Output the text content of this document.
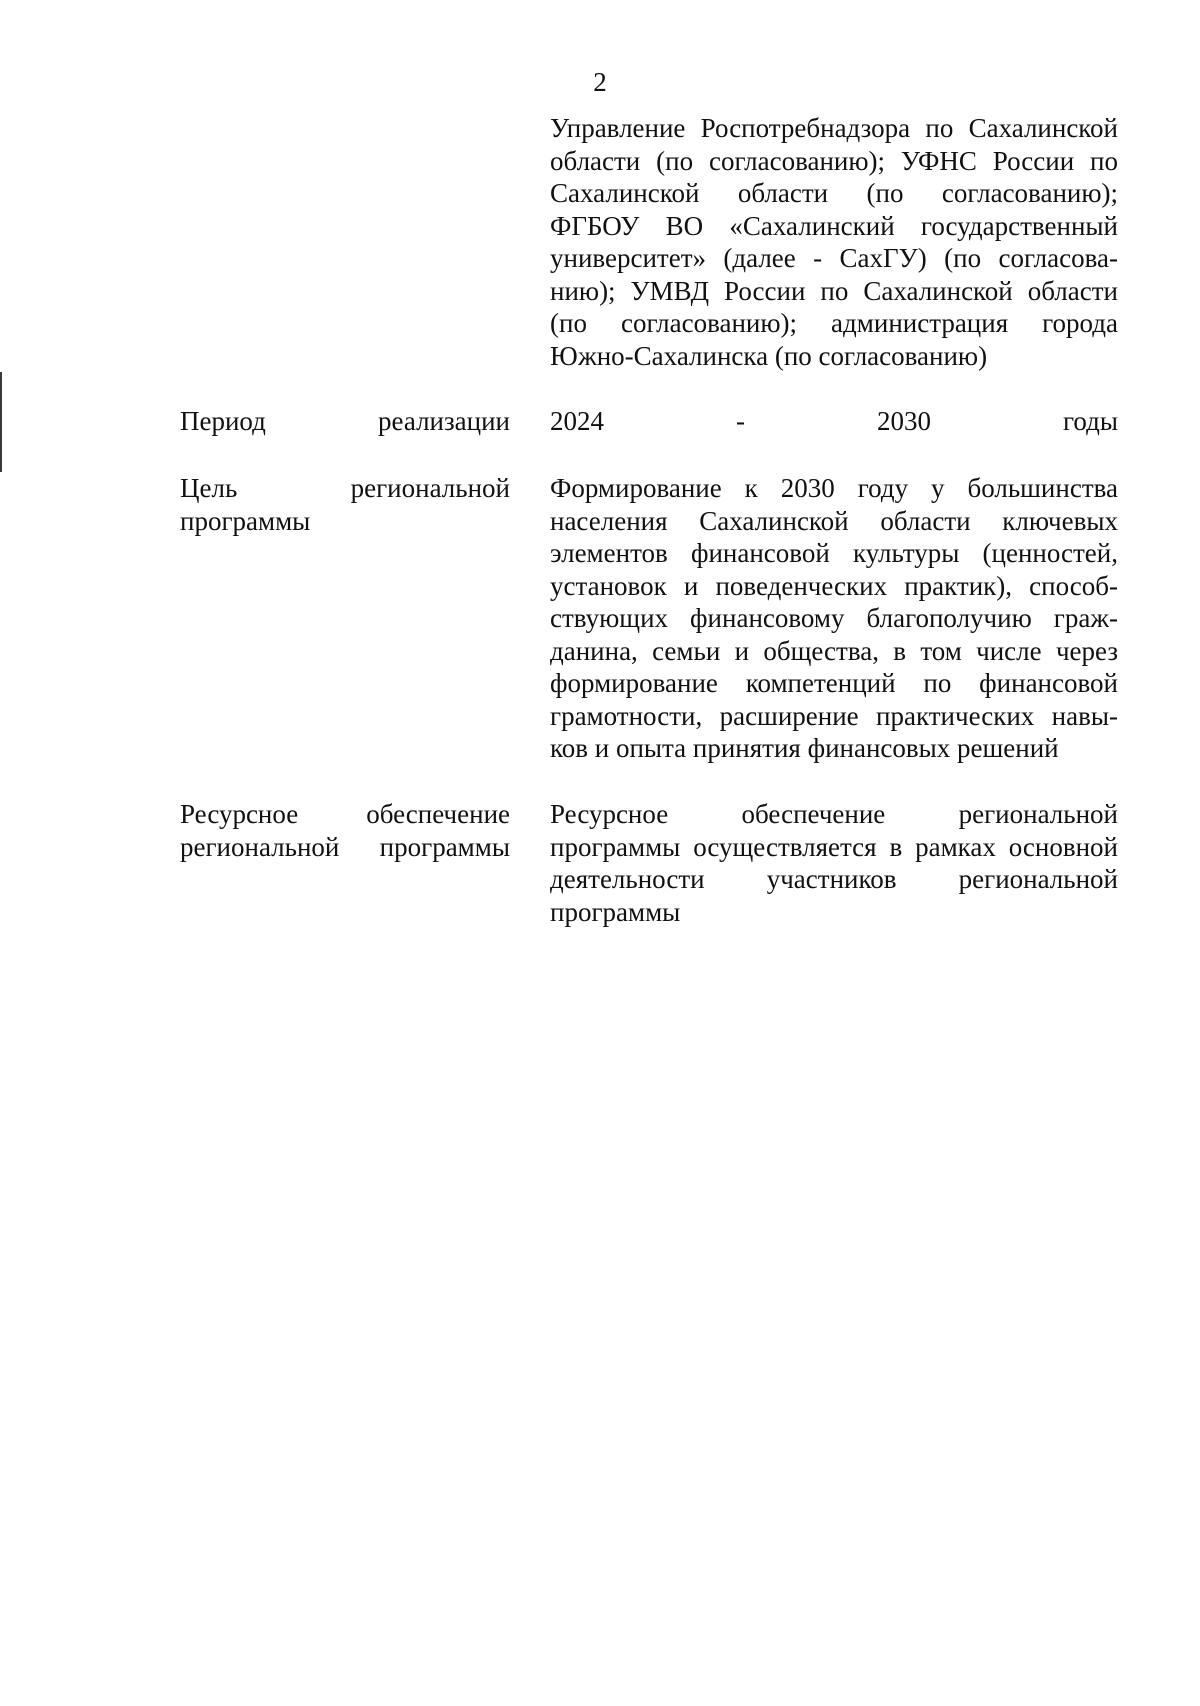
2
Управление Роспотребнадзора по Сахалинской
области (по согласованию); УФНС России по
Сахалинской области (по согласованию);
ФГБОУ ВО «Сахалинский государственный
университет» (далее - СахГУ) (по согласова-
нию); УМВД России по Сахалинской области
(по согласованию); администрация города
Южно-Сахалинска (по согласованию)
Период реализации 2024 - 2030 годы
Цель региональной
программы
Формирование к 2030 году у большинства
населения Сахалинской области ключевых
элементов финансовой культуры (ценностей,
установок и поведенческих практик), способ-
ствующих финансовому благополучию граж-
данина, семьи и общества, в том числе через
формирование компетенций по финансовой
грамотности, расширение практических навы-
ков и опыта принятия финансовых решений
Ресурсное обеспечение
региональной программы
Ресурсное обеспечение региональной
программы осуществляется в рамках основной
деятельности участников региональной
программы
